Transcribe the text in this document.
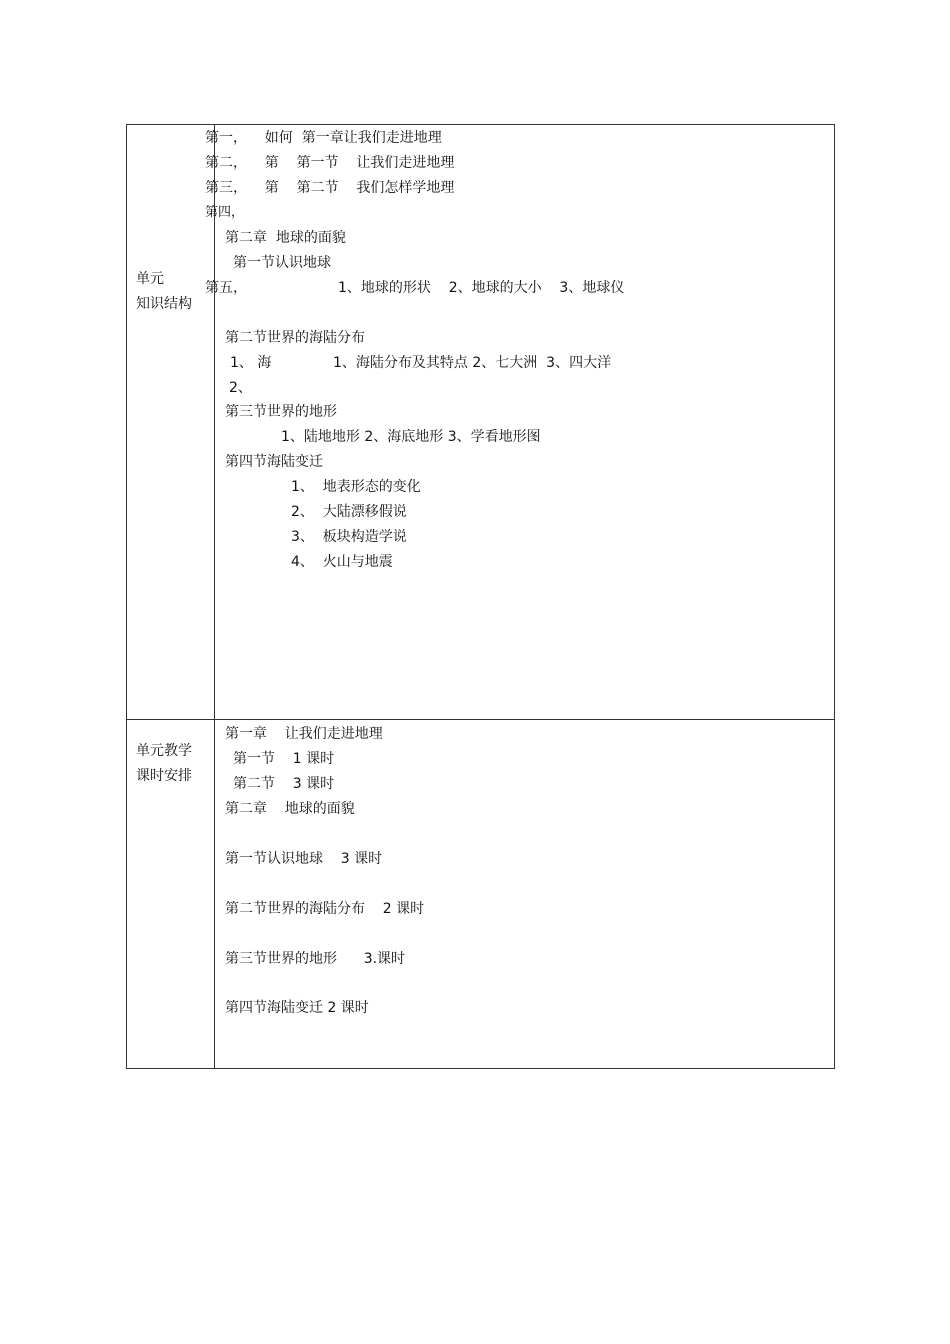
单元
知识结构
第一，    如何  第一章让我们走进地理
第二，    第    第一节    让我们走进地理
第三，    第    第二节    我们怎样学地理
第四，
第二章  地球的面貌
第一节认识地球
第五，	1、地球的形状    2、地球的大小    3、地球仪
第二节世界的海陆分布
1、 海	1、海陆分布及其特点 2、七大洲  3、四大洋
2、
第三节世界的地形
1、陆地地形 2、海底地形 3、学看地形图
第四节海陆变迁
1、  地表形态的变化
2、  大陆漂移假说
3、  板块构造学说
4、  火山与地震
单元教学
课时安排
第一章    让我们走进地理
第一节    1 课时
第二节    3 课时
第二章    地球的面貌
第一节认识地球    3 课时
第二节世界的海陆分布    2 课时
第三节世界的地形      3.课时
第四节海陆变迁 2 课时
